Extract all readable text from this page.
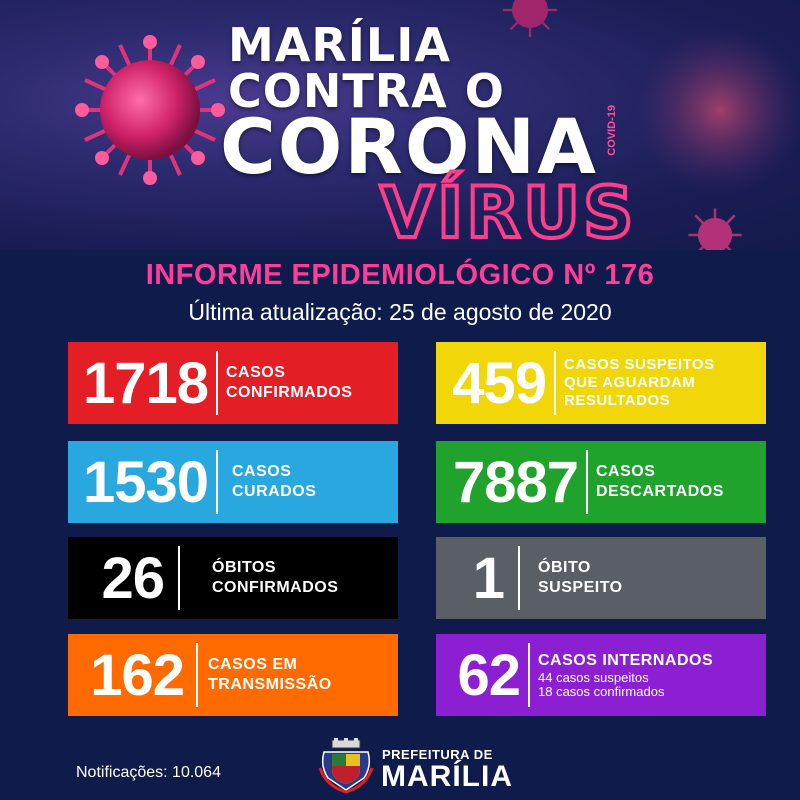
MARÍLIA
CONTRA O
CORONA COVID-19
VÍRUS
INFORME EPIDEMIOLÓGICO Nº 176
Última atualização: 25 de agosto de 2020
1718 CASOS
CONFIRMADOS 459 CASOS SUSPEITOS
QUE AGUARDAM
RESULTADOS
1530 CASOS
CURADOS 7887 CASOS
DESCARTADOS
26	ÓBITOS
CONFIRMADOS	1 ÓBITO
SUSPEITO
162 CASOS EM
TRANSMISSÃO	62 CASOS INTERNADOS
44 casos suspeitos
18 casos confirmados
Notificações: 10.064
PREFEITURA DE
MARÍLIA
